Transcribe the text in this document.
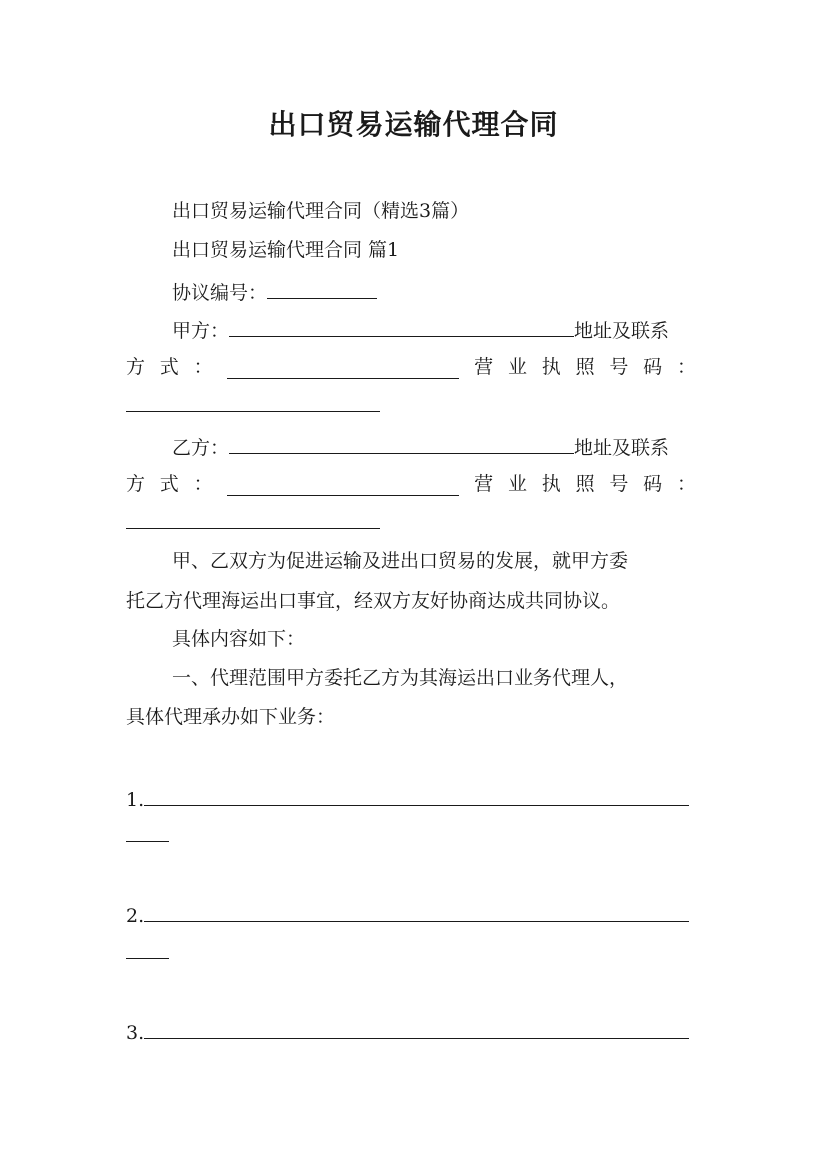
出口贸易运输代理合同
出口贸易运输代理合同（精选3篇）
出口贸易运输代理合同 篇1
协议编号：
甲方：	地址及联系
方 式 ：	营 业 执 照 号 码 ：
乙方：	地址及联系
方 式 ：	营 业 执 照 号 码 ：
甲、乙双方为促进运输及进出口贸易的发展，就甲方委
托乙方代理海运出口事宜，经双方友好协商达成共同协议。
具体内容如下：
一、代理范围甲方委托乙方为其海运出口业务代理人，
具体代理承办如下业务：
1.
2.
3.
